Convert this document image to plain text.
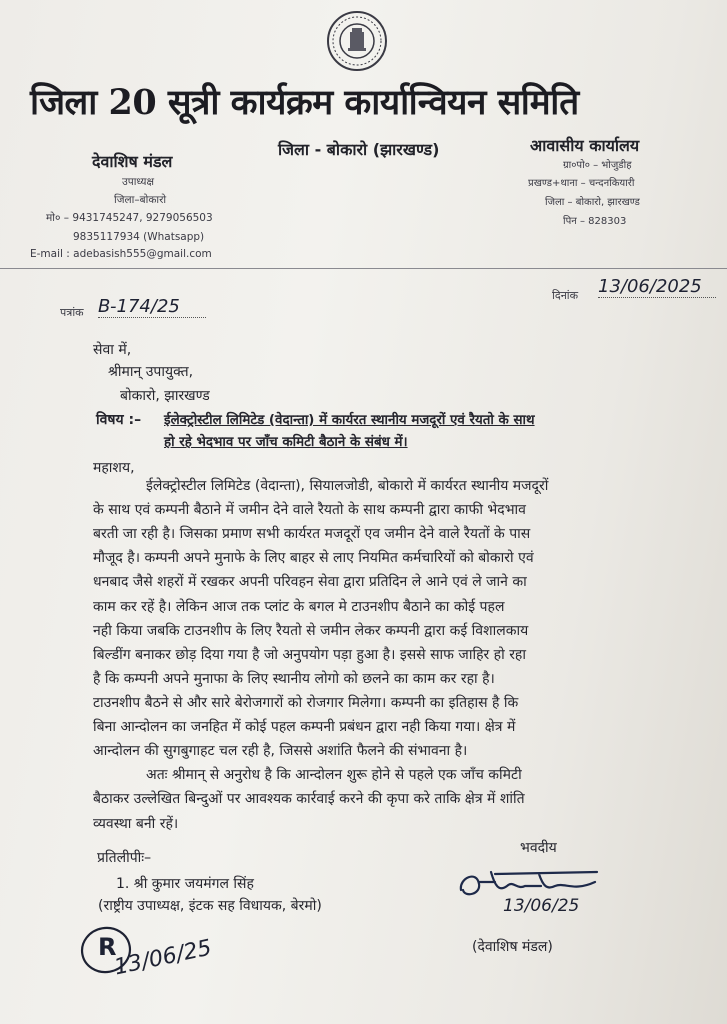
जिला 20 सूत्री कार्यक्रम कार्यान्वियन समिति
देवाशिष मंडल
उपाध्यक्ष
जिला–बोकारो
मो० – 9431745247, 9279056503
9835117934 (Whatsapp)
E-mail : adebasish555@gmail.com
जिला - बोकारो (झारखण्ड)	आवासीय कार्यालय
ग्रा०पो० – भोजुडीह
प्रखण्ड+थाना – चन्दनकियारी
जिला – बोकारो, झारखण्ड
पिन – 828303
पत्रांक B-174/25
दिनांक 13/06/2025
सेवा में,
श्रीमान् उपायुक्त,
बोकारो, झारखण्ड
विषय :– ईलेक्ट्रोस्टील लिमिटेड (वेदान्ता) में कार्यरत स्थानीय मजदूरों एवं रैयतो के साथ
हो रहे भेदभाव पर जाँच कमिटी बैठाने के संबंध में।
महाशय,
ईलेक्ट्रोस्टील लिमिटेड (वेदान्ता), सियालजोडी, बोकारो में कार्यरत स्थानीय मजदूरों
के साथ एवं कम्पनी बैठाने में जमीन देने वाले रैयतो के साथ कम्पनी द्वारा काफी भेदभाव
बरती जा रही है। जिसका प्रमाण सभी कार्यरत मजदूरों एव जमीन देने वाले रैयतों के पास
मौजूद है। कम्पनी अपने मुनाफे के लिए बाहर से लाए नियमित कर्मचारियों को बोकारो एवं
धनबाद जैसे शहरों में रखकर अपनी परिवहन सेवा द्वारा प्रतिदिन ले आने एवं ले जाने का
काम कर रहें है। लेकिन आज तक प्लांट के बगल मे टाउनशीप बैठाने का कोई पहल
नही किया जबकि टाउनशीप के लिए रैयतो से जमीन लेकर कम्पनी द्वारा कई विशालकाय
बिल्डींग बनाकर छोड़ दिया गया है जो अनुपयोग पड़ा हुआ है। इससे साफ जाहिर हो रहा
है कि कम्पनी अपने मुनाफा के लिए स्थानीय लोगो को छलने का काम कर रहा है।
टाउनशीप बैठने से और सारे बेरोजगारों को रोजगार मिलेगा। कम्पनी का इतिहास है कि
बिना आन्दोलन का जनहित में कोई पहल कम्पनी प्रबंधन द्वारा नही किया गया। क्षेत्र में
आन्दोलन की सुगबुगाहट चल रही है, जिससे अशांति फैलने की संभावना है।
अतः श्रीमान् से अनुरोध है कि आन्दोलन शुरू होने से पहले एक जाँच कमिटी
बैठाकर उल्लेखित बिन्दुओं पर आवश्यक कार्रवाई करने की कृपा करे ताकि क्षेत्र में शांति
व्यवस्था बनी रहें।
भवदीय
प्रतिलीपीः–
1. श्री कुमार जयमंगल सिंह
(राष्ट्रीय उपाध्यक्ष, इंटक सह विधायक, बेरमो)	13/06/25
(देवाशिष मंडल)
R
13/06/25
